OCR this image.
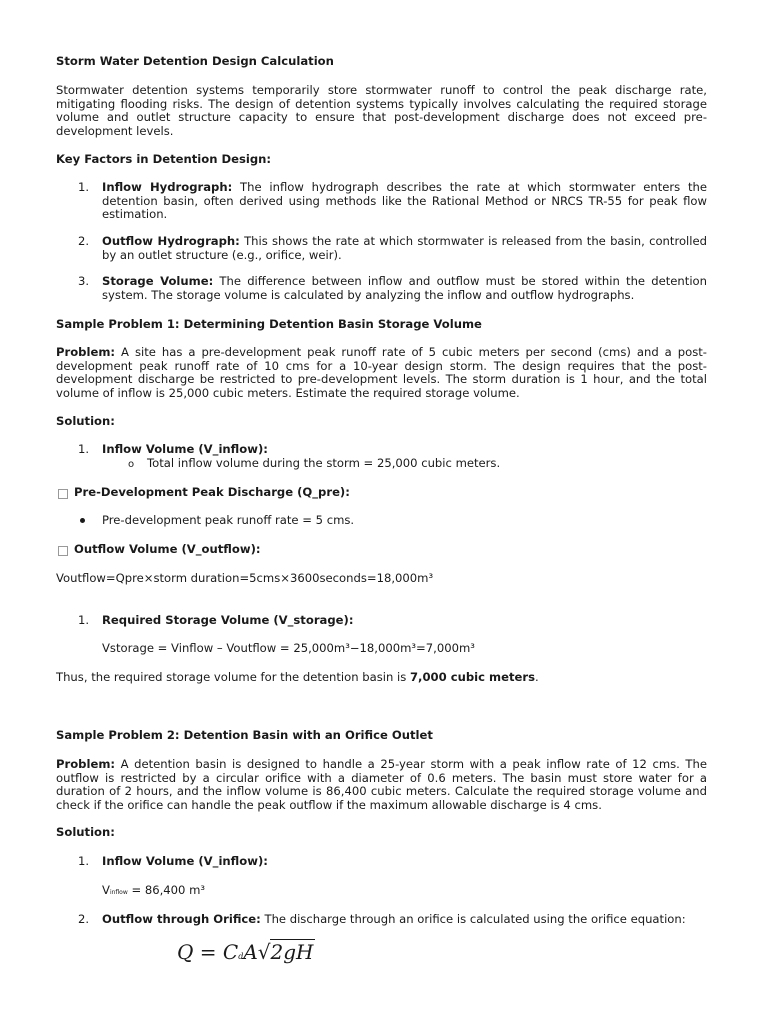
Storm Water Detention Design Calculation

Stormwater detention systems temporarily store stormwater runoff to control the peak discharge rate, mitigating flooding risks. The design of detention systems typically involves calculating the required storage volume and outlet structure capacity to ensure that post-development discharge does not exceed pre-development levels.

Key Factors in Detention Design:

1. Inflow Hydrograph: The inflow hydrograph describes the rate at which stormwater enters the detention basin, often derived using methods like the Rational Method or NRCS TR-55 for peak flow estimation.

2. Outflow Hydrograph: This shows the rate at which stormwater is released from the basin, controlled by an outlet structure (e.g., orifice, weir).

3. Storage Volume: The difference between inflow and outflow must be stored within the detention system. The storage volume is calculated by analyzing the inflow and outflow hydrographs.

Sample Problem 1: Determining Detention Basin Storage Volume

Problem: A site has a pre-development peak runoff rate of 5 cubic meters per second (cms) and a post-development peak runoff rate of 10 cms for a 10-year design storm. The design requires that the post-development discharge be restricted to pre-development levels. The storm duration is 1 hour, and the total volume of inflow is 25,000 cubic meters. Estimate the required storage volume.

Solution:

1. Inflow Volume (V_inflow):

o Total inflow volume during the storm = 25,000 cubic meters.

Pre-Development Peak Discharge (Q_pre):

Pre-development peak runoff rate = 5 cms.

Outflow Volume (V_outflow):

Voutflow=Qpre×storm duration=5cms×3600seconds=18,000m³

1. Required Storage Volume (V_storage):

Vstorage = Vinflow – Voutflow = 25,000m³−18,000m³=7,000m³

Thus, the required storage volume for the detention basin is 7,000 cubic meters.

Sample Problem 2: Detention Basin with an Orifice Outlet

Problem: A detention basin is designed to handle a 25-year storm with a peak inflow rate of 12 cms. The outflow is restricted by a circular orifice with a diameter of 0.6 meters. The basin must store water for a duration of 2 hours, and the inflow volume is 86,400 cubic meters. Calculate the required storage volume and check if the orifice can handle the peak outflow if the maximum allowable discharge is 4 cms.

Solution:

1. Inflow Volume (V_inflow):

Vinflow = 86,400 m³

2. Outflow through Orifice: The discharge through an orifice is calculated using the orifice equation:

Q = CdA√2gH
